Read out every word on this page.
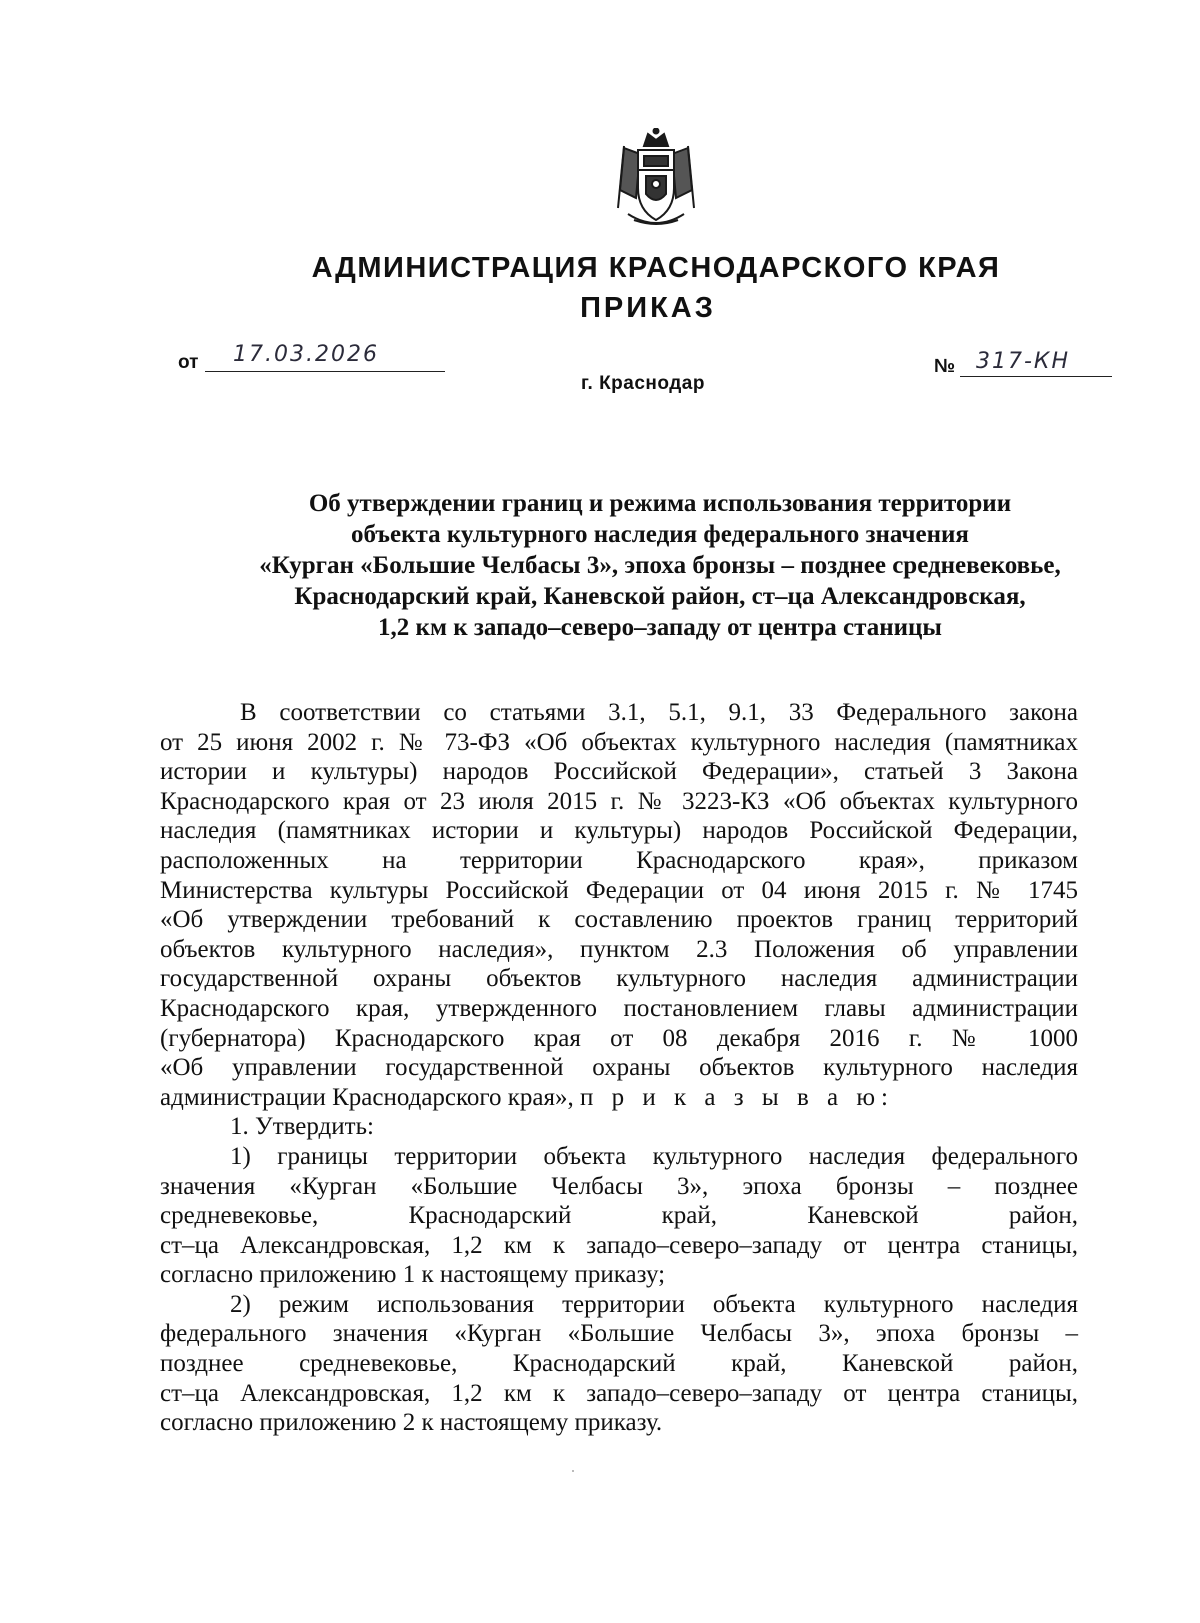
АДМИНИСТРАЦИЯ КРАСНОДАРСКОГО КРАЯ
ПРИКАЗ
от 17.03.2026	№ 317-КН
г. Краснодар
Об утверждении границ и режима использования территории
объекта культурного наследия федерального значения
«Курган «Большие Челбасы 3», эпоха бронзы – позднее средневековье,
Краснодарский край, Каневской район, ст–ца Александровская,
1,2 км к западо–северо–западу от центра станицы
В соответствии со статьями 3.1, 5.1, 9.1, 33 Федерального закона
от 25 июня 2002 г. № 73-ФЗ «Об объектах культурного наследия (памятниках
истории и культуры) народов Российской Федерации», статьей 3 Закона
Краснодарского края от 23 июля 2015 г. № 3223-КЗ «Об объектах культурного
наследия (памятниках истории и культуры) народов Российской Федерации,
расположенных на территории Краснодарского края», приказом
Министерства культуры Российской Федерации от 04 июня 2015 г. № 1745
«Об утверждении требований к составлению проектов границ территорий
объектов культурного наследия», пунктом 2.3 Положения об управлении
государственной охраны объектов культурного наследия администрации
Краснодарского края, утвержденного постановлением главы администрации
(губернатора) Краснодарского края от 08 декабря 2016 г. № 1000
«Об управлении государственной охраны объектов культурного наследия
администрации Краснодарского края», п р и к а з ы в а ю:
1. Утвердить:
1) границы территории объекта культурного наследия федерального
значения «Курган «Большие Челбасы 3», эпоха бронзы – позднее
средневековье, Краснодарский край, Каневской район,
ст–ца Александровская, 1,2 км к западо–северо–западу от центра станицы,
согласно приложению 1 к настоящему приказу;
2) режим использования территории объекта культурного наследия
федерального значения «Курган «Большие Челбасы 3», эпоха бронзы –
позднее средневековье, Краснодарский край, Каневской район,
ст–ца Александровская, 1,2 км к западо–северо–западу от центра станицы,
согласно приложению 2 к настоящему приказу.
